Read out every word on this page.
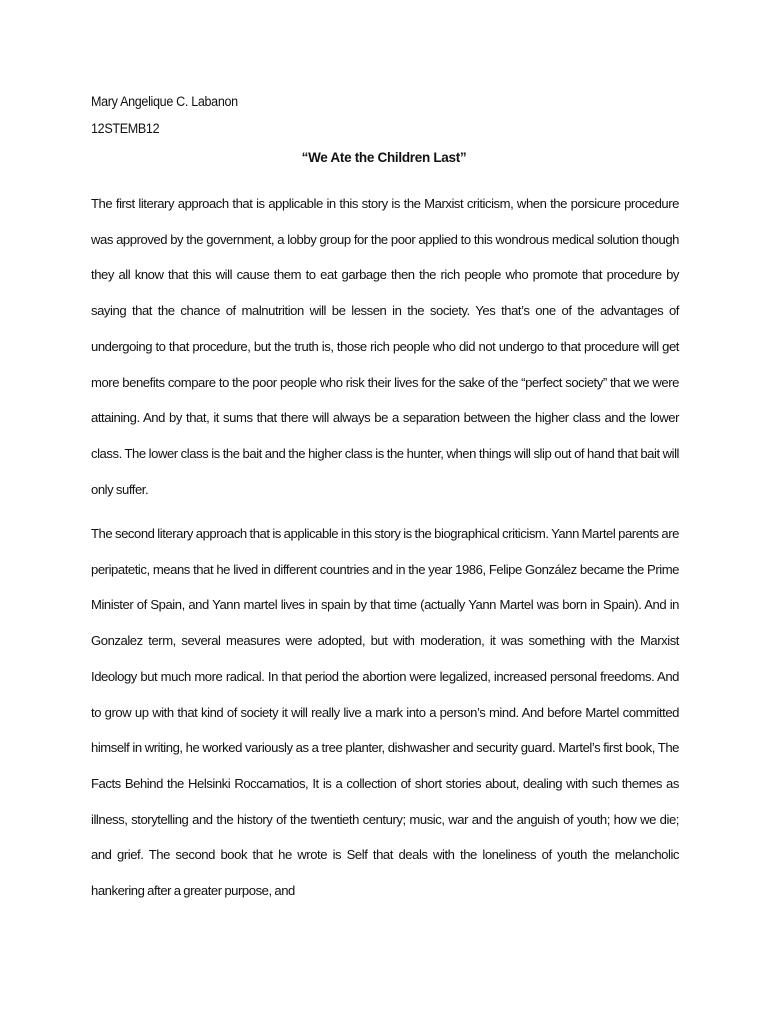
Mary Angelique C. Labanon
12STEMB12
“We Ate the Children Last”

The first literary approach that is applicable in this story is the Marxist criticism, when the porsicure procedure was approved by the government, a lobby group for the poor applied to this wondrous medical solution though they all know that this will cause them to eat garbage then the rich people who promote that procedure by saying that the chance of malnutrition will be lessen in the society. Yes that’s one of the advantages of undergoing to that procedure, but the truth is, those rich people who did not undergo to that procedure will get more benefits compare to the poor people who risk their lives for the sake of the “perfect society” that we were attaining. And by that, it sums that there will always be a separation between the higher class and the lower class. The lower class is the bait and the higher class is the hunter, when things will slip out of hand that bait will only suffer.

The second literary approach that is applicable in this story is the biographical criticism. Yann Martel parents are peripatetic, means that he lived in different countries and in the year 1986, Felipe González became the Prime Minister of Spain, and Yann martel lives in spain by that time (actually Yann Martel was born in Spain). And in Gonzalez term, several measures were adopted, but with moderation, it was something with the Marxist Ideology but much more radical. In that period the abortion were legalized, increased personal freedoms. And to grow up with that kind of society it will really live a mark into a person’s mind. And before Martel committed himself in writing, he worked variously as a tree planter, dishwasher and security guard. Martel’s first book, The Facts Behind the Helsinki Roccamatios, It is a collection of short stories about, dealing with such themes as illness, storytelling and the history of the twentieth century; music, war and the anguish of youth; how we die; and grief. The second book that he wrote is Self that deals with the loneliness of youth the melancholic hankering after a greater purpose, and
